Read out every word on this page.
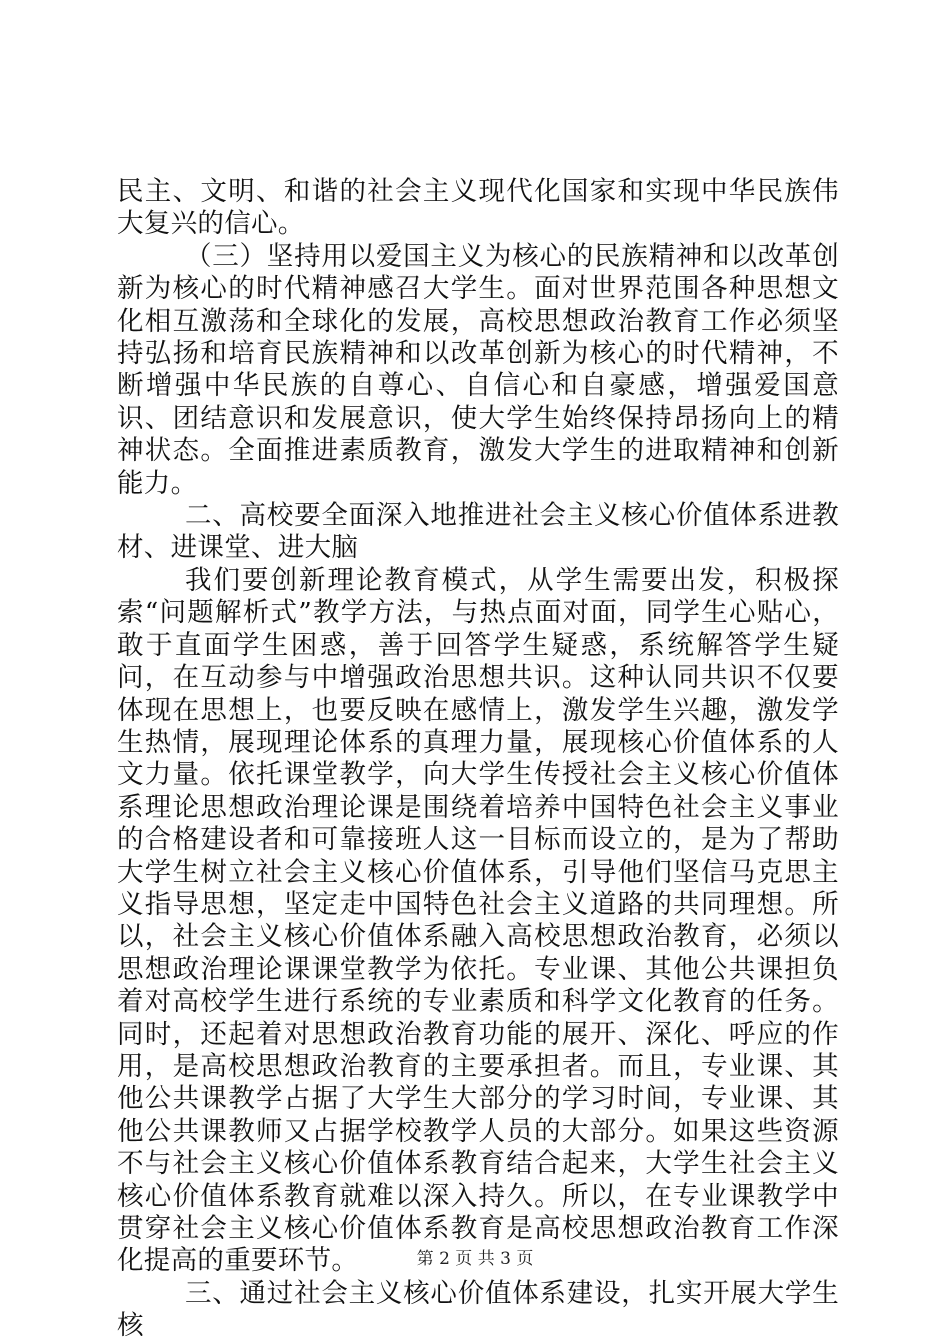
民主、文明、和谐的社会主义现代化国家和实现中华民族伟大复兴的信心。

（三）坚持用以爱国主义为核心的民族精神和以改革创新为核心的时代精神感召大学生。面对世界范围各种思想文化相互激荡和全球化的发展，高校思想政治教育工作必须坚持弘扬和培育民族精神和以改革创新为核心的时代精神，不断增强中华民族的自尊心、自信心和自豪感，增强爱国意识、团结意识和发展意识，使大学生始终保持昂扬向上的精神状态。全面推进素质教育，激发大学生的进取精神和创新能力。

二、高校要全面深入地推进社会主义核心价值体系进教材、进课堂、进大脑

我们要创新理论教育模式，从学生需要出发，积极探索“问题解析式”教学方法，与热点面对面，同学生心贴心，敢于直面学生困惑，善于回答学生疑惑，系统解答学生疑问，在互动参与中增强政治思想共识。这种认同共识不仅要体现在思想上，也要反映在感情上，激发学生兴趣，激发学生热情，展现理论体系的真理力量，展现核心价值体系的人文力量。依托课堂教学，向大学生传授社会主义核心价值体系理论思想政治理论课是围绕着培养中国特色社会主义事业的合格建设者和可靠接班人这一目标而设立的，是为了帮助大学生树立社会主义核心价值体系，引导他们坚信马克思主义指导思想，坚定走中国特色社会主义道路的共同理想。所以，社会主义核心价值体系融入高校思想政治教育，必须以思想政治理论课课堂教学为依托。专业课、其他公共课担负着对高校学生进行系统的专业素质和科学文化教育的任务。同时，还起着对思想政治教育功能的展开、深化、呼应的作用，是高校思想政治教育的主要承担者。而且，专业课、其他公共课教学占据了大学生大部分的学习时间，专业课、其他公共课教师又占据学校教学人员的大部分。如果这些资源不与社会主义核心价值体系教育结合起来，大学生社会主义核心价值体系教育就难以深入持久。所以，在专业课教学中贯穿社会主义核心价值体系教育是高校思想政治教育工作深化提高的重要环节。

三、通过社会主义核心价值体系建设，扎实开展大学生核

第 2 页 共 3 页
